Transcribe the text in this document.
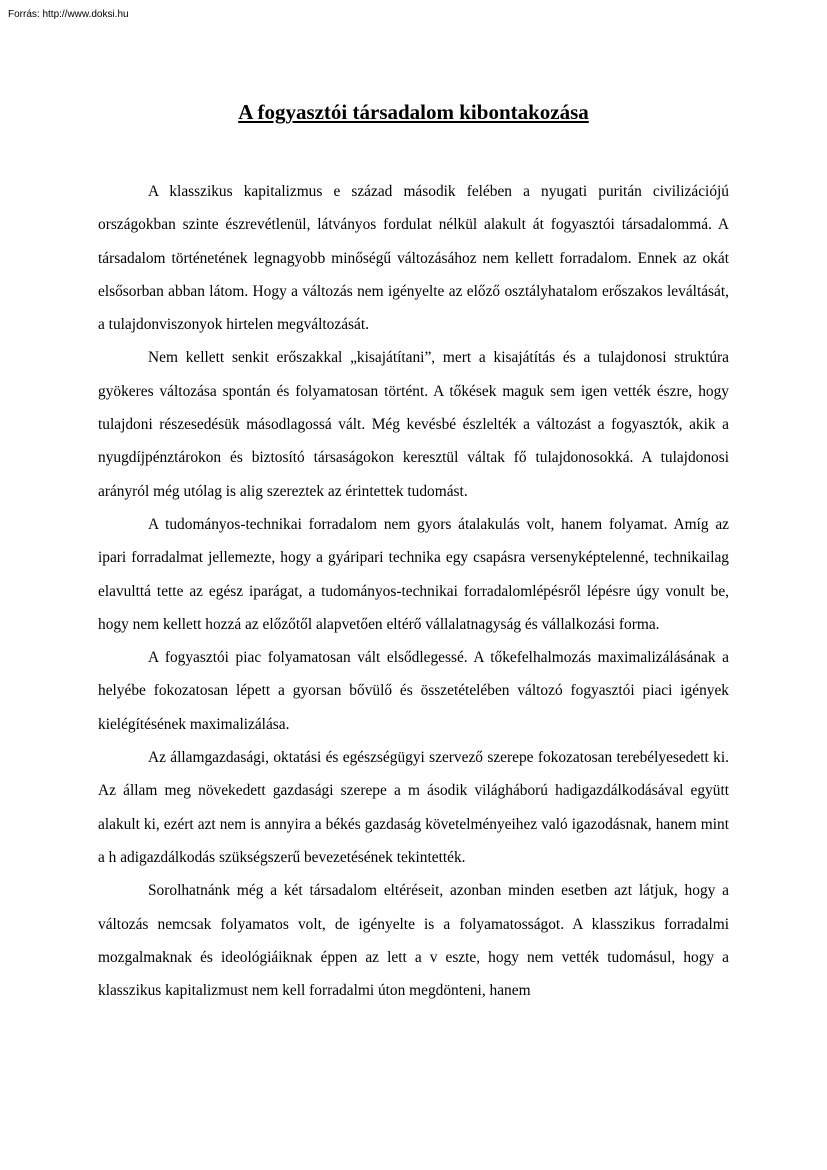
Forrás: http://www.doksi.hu
A fogyasztói társadalom kibontakozása

A klasszikus kapitalizmus e század második felében a nyugati puritán civilizációjú országokban szinte észrevétlenül, látványos fordulat nélkül alakult át fogyasztói társadalommá. A társadalom történetének legnagyobb minőségű változásához nem kellett forradalom. Ennek az okát elsősorban abban látom. Hogy a változás nem igényelte az előző osztályhatalom erőszakos leváltását, a tulajdonviszonyok hirtelen megváltozását.

Nem kellett senkit erőszakkal „kisajátítani”, mert a kisajátítás és a tulajdonosi struktúra gyökeres változása spontán és folyamatosan történt. A tőkések maguk sem igen vették észre, hogy tulajdoni részesedésük másodlagossá vált. Még kevésbé észlelték a változást a fogyasztók, akik a nyugdíjpénztárokon és biztosító társaságokon keresztül váltak fő tulajdonosokká. A tulajdonosi arányról még utólag is alig szereztek az érintettek tudomást.

A tudományos-technikai forradalom nem gyors átalakulás volt, hanem folyamat. Amíg az ipari forradalmat jellemezte, hogy a gyáripari technika egy csapásra versenyképtelenné, technikailag elavulttá tette az egész iparágat, a tudományos-technikai forradalomlépésről lépésre úgy vonult be, hogy nem kellett hozzá az előzőtől alapvetően eltérő vállalatnagyság és vállalkozási forma.

A fogyasztói piac folyamatosan vált elsődlegessé. A tőkefelhalmozás maximalizálásának a helyébe fokozatosan lépett a gyorsan bővülő és összetételében változó fogyasztói piaci igények kielégítésének maximalizálása.

Az államgazdasági, oktatási és egészségügyi szervező szerepe fokozatosan terebélyesedett ki. Az állam meg növekedett gazdasági szerepe a m ásodik világháború hadigazdálkodásával együtt alakult ki, ezért azt nem is annyira a békés gazdaság követelményeihez való igazodásnak, hanem mint a h adigazdálkodás szükségszerű bevezetésének tekintették.

Sorolhatnánk még a két társadalom eltéréseit, azonban minden esetben azt látjuk, hogy a változás nemcsak folyamatos volt, de igényelte is a folyamatosságot. A klasszikus forradalmi mozgalmaknak és ideológiáiknak éppen az lett a v eszte, hogy nem vették tudomásul, hogy a klasszikus kapitalizmust nem kell forradalmi úton megdönteni, hanem
